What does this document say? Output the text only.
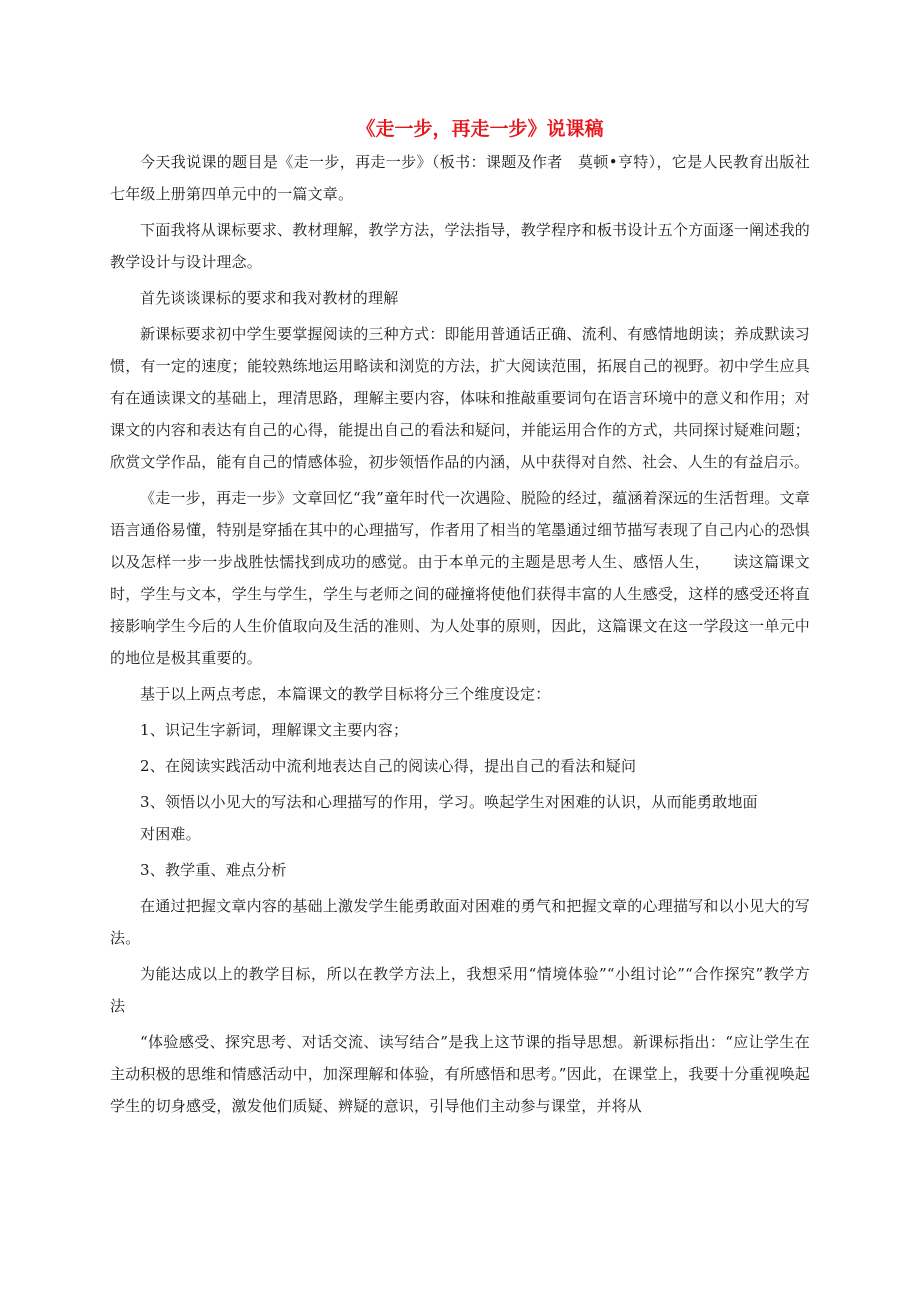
《走一步，再走一步》说课稿

今天我说课的题目是《走一步，再走一步》（板书：课题及作者　莫顿•亨特），它是人民教育出版社七年级上册第四单元中的一篇文章。

下面我将从课标要求、教材理解，教学方法，学法指导，教学程序和板书设计五个方面逐一阐述我的教学设计与设计理念。

首先谈谈课标的要求和我对教材的理解

新课标要求初中学生要掌握阅读的三种方式：即能用普通话正确、流利、有感情地朗读；养成默读习惯，有一定的速度；能较熟练地运用略读和浏览的方法，扩大阅读范围，拓展自己的视野。初中学生应具有在通读课文的基础上，理清思路，理解主要内容，体味和推敲重要词句在语言环境中的意义和作用；对课文的内容和表达有自己的心得，能提出自己的看法和疑问，并能运用合作的方式，共同探讨疑难问题；欣赏文学作品，能有自己的情感体验，初步领悟作品的内涵，从中获得对自然、社会、人生的有益启示。

《走一步，再走一步》文章回忆“我”童年时代一次遇险、脱险的经过，蕴涵着深远的生活哲理。文章语言通俗易懂，特别是穿插在其中的心理描写，作者用了相当的笔墨通过细节描写表现了自己内心的恐惧以及怎样一步一步战胜怯懦找到成功的感觉。由于本单元的主题是思考人生、感悟人生，　　读这篇课文时，学生与文本，学生与学生，学生与老师之间的碰撞将使他们获得丰富的人生感受，这样的感受还将直接影响学生今后的人生价值取向及生活的准则、为人处事的原则，因此，这篇课文在这一学段这一单元中的地位是极其重要的。

基于以上两点考虑，本篇课文的教学目标将分三个维度设定：

1、识记生字新词，理解课文主要内容；

2、在阅读实践活动中流利地表达自己的阅读心得，提出自己的看法和疑问

3、领悟以小见大的写法和心理描写的作用，学习。唤起学生对困难的认识，从而能勇敢地面

对困难。

3、教学重、难点分析

在通过把握文章内容的基础上激发学生能勇敢面对困难的勇气和把握文章的心理描写和以小见大的写法。

为能达成以上的教学目标，所以在教学方法上，我想采用“情境体验”“小组讨论”“合作探究”教学方法

“体验感受、探究思考、对话交流、读写结合”是我上这节课的指导思想。新课标指出：“应让学生在主动积极的思维和情感活动中，加深理解和体验，有所感悟和思考。”因此，在课堂上，我要十分重视唤起学生的切身感受，激发他们质疑、辨疑的意识，引导他们主动参与课堂，并将从
